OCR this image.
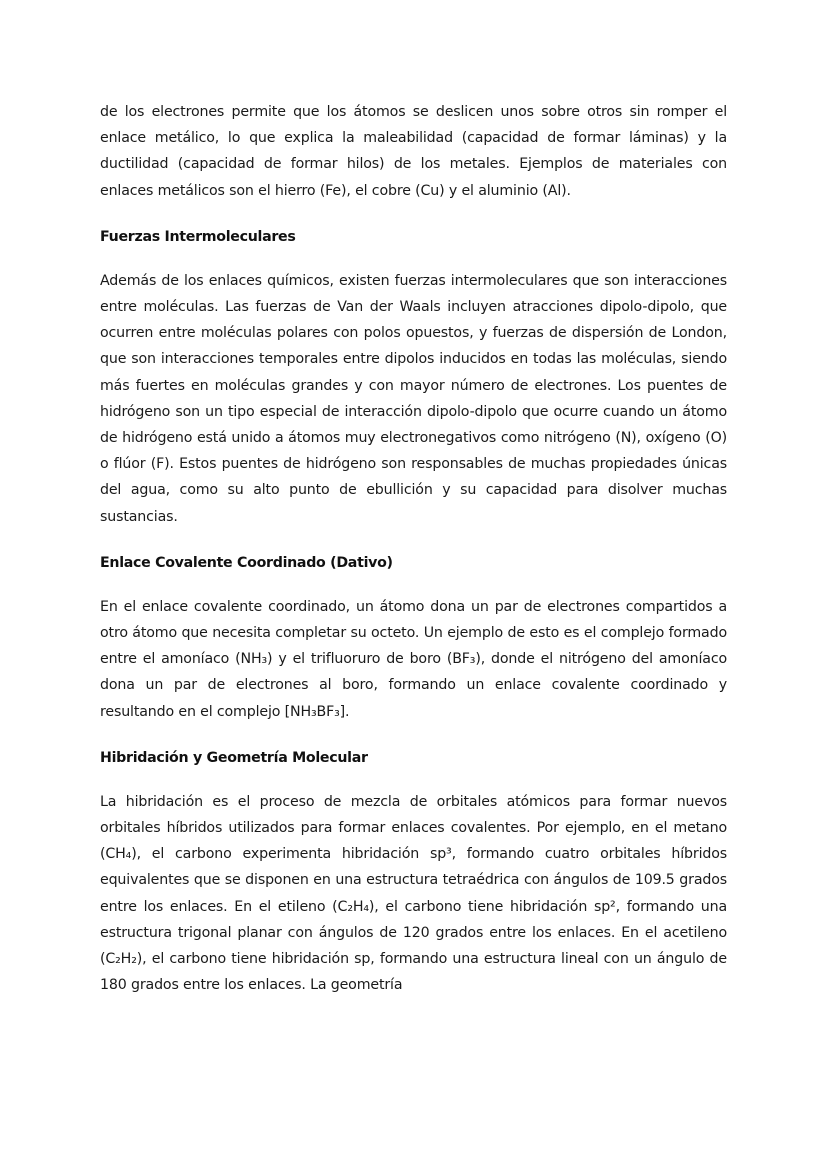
de los electrones permite que los átomos se deslicen unos sobre otros sin romper el enlace metálico, lo que explica la maleabilidad (capacidad de formar láminas) y la ductilidad (capacidad de formar hilos) de los metales. Ejemplos de materiales con enlaces metálicos son el hierro (Fe), el cobre (Cu) y el aluminio (Al).

Fuerzas Intermoleculares

Además de los enlaces químicos, existen fuerzas intermoleculares que son interacciones entre moléculas. Las fuerzas de Van der Waals incluyen atracciones dipolo-dipolo, que ocurren entre moléculas polares con polos opuestos, y fuerzas de dispersión de London, que son interacciones temporales entre dipolos inducidos en todas las moléculas, siendo más fuertes en moléculas grandes y con mayor número de electrones. Los puentes de hidrógeno son un tipo especial de interacción dipolo-dipolo que ocurre cuando un átomo de hidrógeno está unido a átomos muy electronegativos como nitrógeno (N), oxígeno (O) o flúor (F). Estos puentes de hidrógeno son responsables de muchas propiedades únicas del agua, como su alto punto de ebullición y su capacidad para disolver muchas sustancias.

Enlace Covalente Coordinado (Dativo)

En el enlace covalente coordinado, un átomo dona un par de electrones compartidos a otro átomo que necesita completar su octeto. Un ejemplo de esto es el complejo formado entre el amoníaco (NH₃) y el trifluoruro de boro (BF₃), donde el nitrógeno del amoníaco dona un par de electrones al boro, formando un enlace covalente coordinado y resultando en el complejo [NH₃BF₃].

Hibridación y Geometría Molecular

La hibridación es el proceso de mezcla de orbitales atómicos para formar nuevos orbitales híbridos utilizados para formar enlaces covalentes. Por ejemplo, en el metano (CH₄), el carbono experimenta hibridación sp³, formando cuatro orbitales híbridos equivalentes que se disponen en una estructura tetraédrica con ángulos de 109.5 grados entre los enlaces. En el etileno (C₂H₄), el carbono tiene hibridación sp², formando una estructura trigonal planar con ángulos de 120 grados entre los enlaces. En el acetileno (C₂H₂), el carbono tiene hibridación sp, formando una estructura lineal con un ángulo de 180 grados entre los enlaces. La geometría
